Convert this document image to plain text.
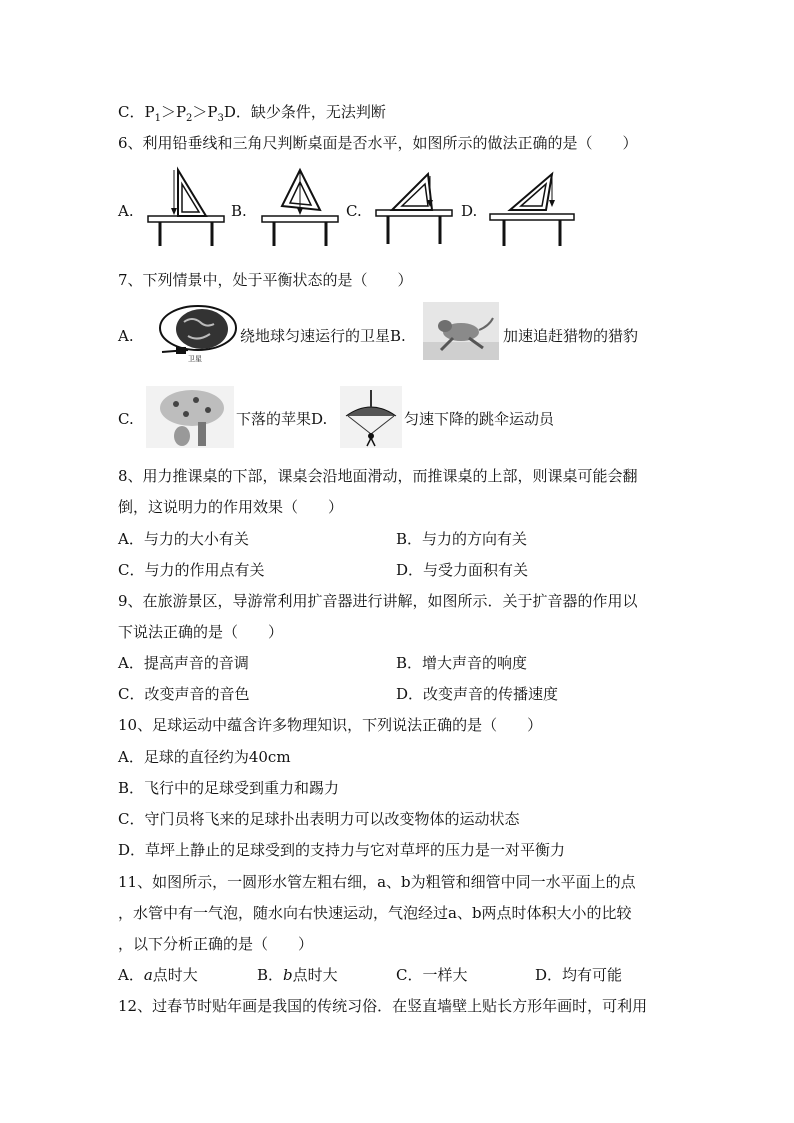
C．$P_1>P_2>P_3D$．缺少条件，无法判断
6、利用铅垂线和三角尺判断桌面是否水平，如图所示的做法正确的是（　　）
A.	B.	C.	D.
7、下列情景中，处于平衡状态的是（　　）
A.
卫星
绕地球匀速运行的卫星B.	加速追赶猎物的猎豹
C.	下落的苹果D.	匀速下降的跳伞运动员
8、用力推课桌的下部，课桌会沿地面滑动，而推课桌的上部，则课桌可能会翻
倒，这说明力的作用效果（　　）
A．与力的大小有关	B．与力的方向有关
C．与力的作用点有关	D．与受力面积有关
9、在旅游景区，导游常利用扩音器进行讲解，如图所示．关于扩音器的作用以
下说法正确的是（　　）
A．提高声音的音调	B．增大声音的响度
C．改变声音的音色	D．改变声音的传播速度
10、足球运动中蕴含许多物理知识，下列说法正确的是（　　）
A．足球的直径约为40cm
B．飞行中的足球受到重力和踢力
C．守门员将飞来的足球扑出表明力可以改变物体的运动状态
D．草坪上静止的足球受到的支持力与它对草坪的压力是一对平衡力
11、如图所示，一圆形水管左粗右细，a、b为粗管和细管中同一水平面上的点
，水管中有一气泡，随水向右快速运动，气泡经过a、b两点时体积大小的比较
，以下分析正确的是（　　）
A．a点时大	B．b点时大	C．一样大	D．均有可能
12、过春节时贴年画是我国的传统习俗．在竖直墙壁上贴长方形年画时，可利用
